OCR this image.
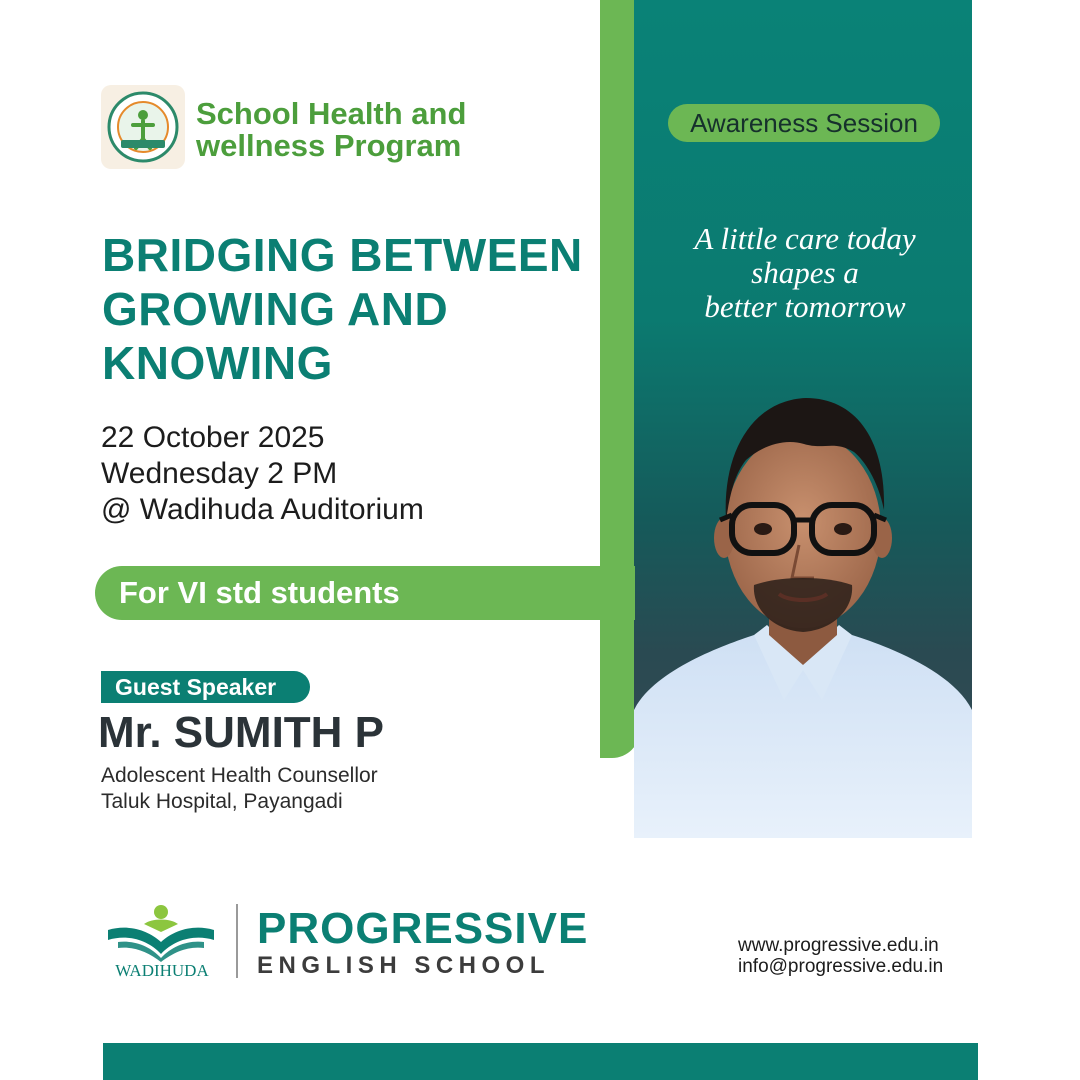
Awareness Session
A little care today
shapes a
better tomorrow
School Health and
wellness Program
BRIDGING BETWEEN
GROWING AND
KNOWING
22 October 2025
Wednesday 2 PM
@ Wadihuda Auditorium
For VI std students
Guest Speaker
Mr. SUMITH P
Adolescent Health Counsellor
Taluk Hospital, Payangadi
WADIHUDA
PROGRESSIVE
ENGLISH SCHOOL
www.progressive.edu.in
info@progressive.edu.in
